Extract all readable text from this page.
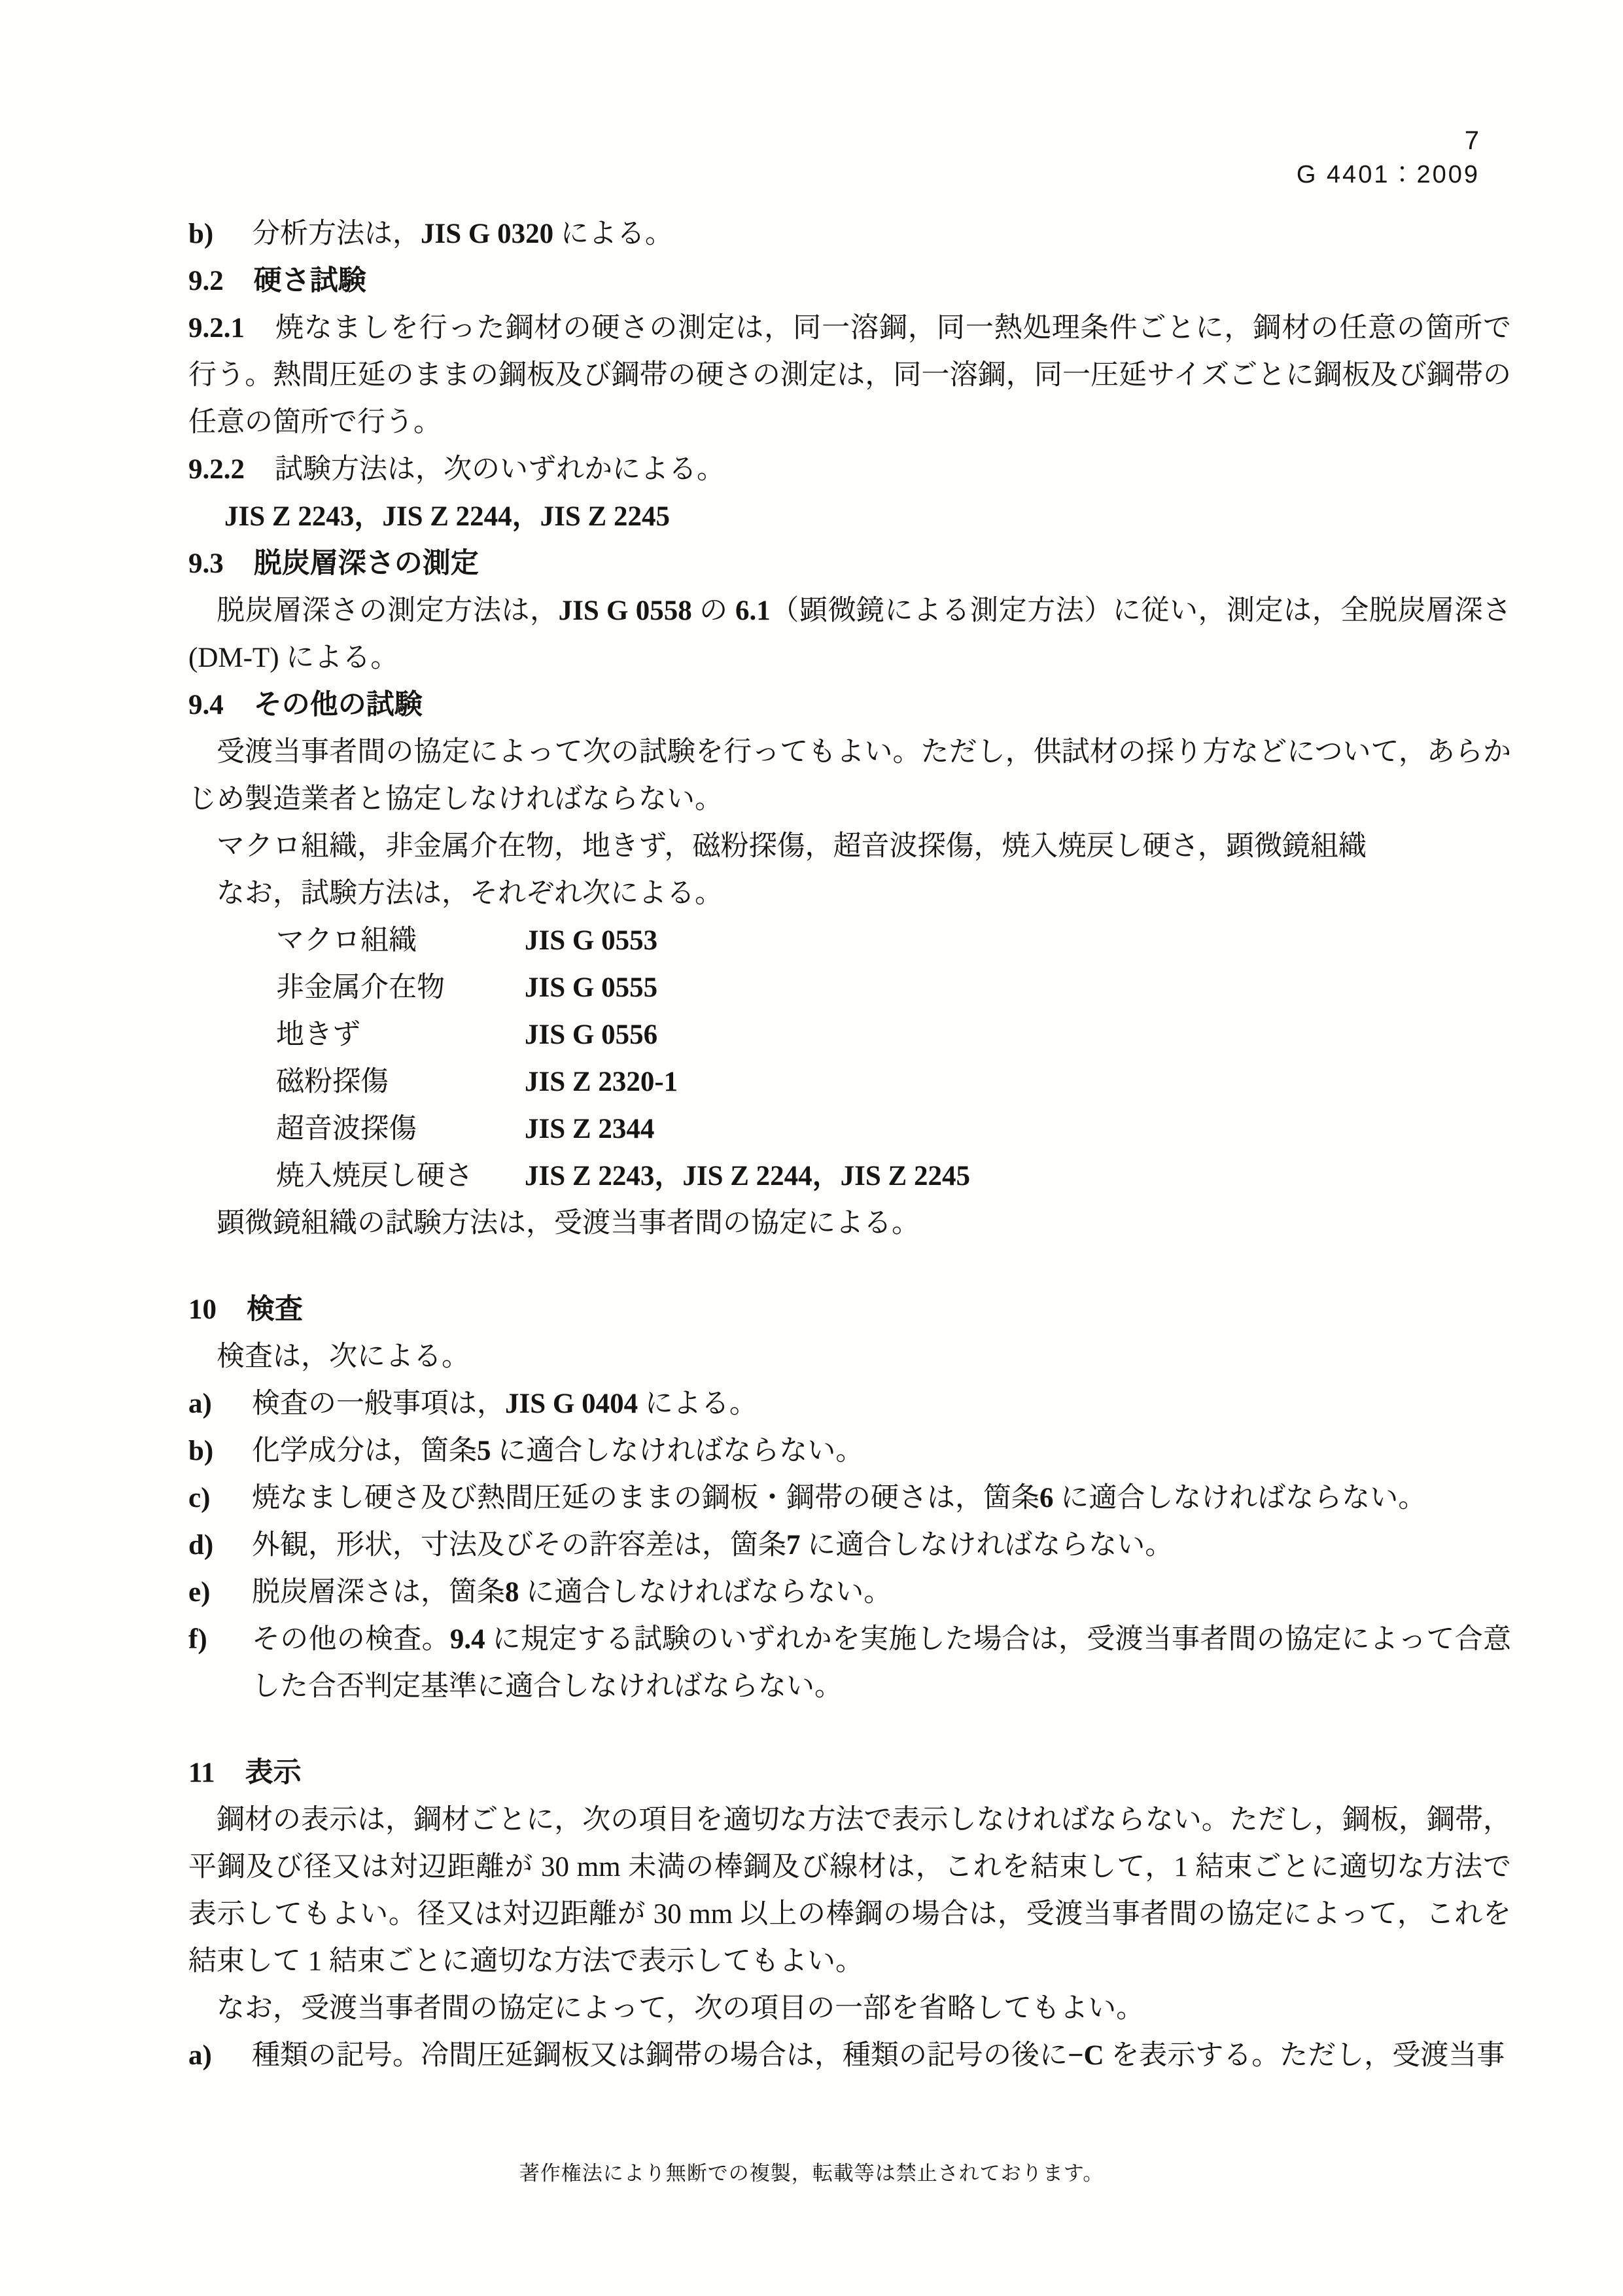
7
G 4401：2009
b)	分析方法は，JIS G 0320 による。

9.2 硬さ試験

9.2.1 焼なましを行った鋼材の硬さの測定は，同一溶鋼，同一熱処理条件ごとに，鋼材の任意の箇所で行う。熱間圧延のままの鋼板及び鋼帯の硬さの測定は，同一溶鋼，同一圧延サイズごとに鋼板及び鋼帯の任意の箇所で行う。

9.2.2 試験方法は，次のいずれかによる。

JIS Z 2243，JIS Z 2244，JIS Z 2245

9.3 脱炭層深さの測定

脱炭層深さの測定方法は，JIS G 0558 の 6.1（顕微鏡による測定方法）に従い，測定は，全脱炭層深さ (DM-T) による。

9.4 その他の試験

受渡当事者間の協定によって次の試験を行ってもよい。ただし，供試材の採り方などについて，あらかじめ製造業者と協定しなければならない。

マクロ組織，非金属介在物，地きず，磁粉探傷，超音波探傷，焼入焼戻し硬さ，顕微鏡組織

なお，試験方法は，それぞれ次による。

マクロ組織	JIS G 0553
非金属介在物	JIS G 0555
地きず	JIS G 0556
磁粉探傷	JIS Z 2320-1
超音波探傷	JIS Z 2344
焼入焼戻し硬さ JIS Z 2243，JIS Z 2244，JIS Z 2245

顕微鏡組織の試験方法は，受渡当事者間の協定による。

10 検査

検査は，次による。

a)	検査の一般事項は，JIS G 0404 による。

b)	化学成分は，箇条5 に適合しなければならない。

c)	焼なまし硬さ及び熱間圧延のままの鋼板・鋼帯の硬さは，箇条6 に適合しなければならない。

d)	外観，形状，寸法及びその許容差は，箇条7 に適合しなければならない。

e)	脱炭層深さは，箇条8 に適合しなければならない。

f)	その他の検査。9.4 に規定する試験のいずれかを実施した場合は，受渡当事者間の協定によって合意した合否判定基準に適合しなければならない。

11 表示

鋼材の表示は，鋼材ごとに，次の項目を適切な方法で表示しなければならない。ただし，鋼板，鋼帯，平鋼及び径又は対辺距離が 30 mm 未満の棒鋼及び線材は，これを結束して，1 結束ごとに適切な方法で表示してもよい。径又は対辺距離が 30 mm 以上の棒鋼の場合は，受渡当事者間の協定によって，これを結束して 1 結束ごとに適切な方法で表示してもよい。

なお，受渡当事者間の協定によって，次の項目の一部を省略してもよい。

a)	種類の記号。冷間圧延鋼板又は鋼帯の場合は，種類の記号の後に−C を表示する。ただし，受渡当事

著作権法により無断での複製，転載等は禁止されております。
